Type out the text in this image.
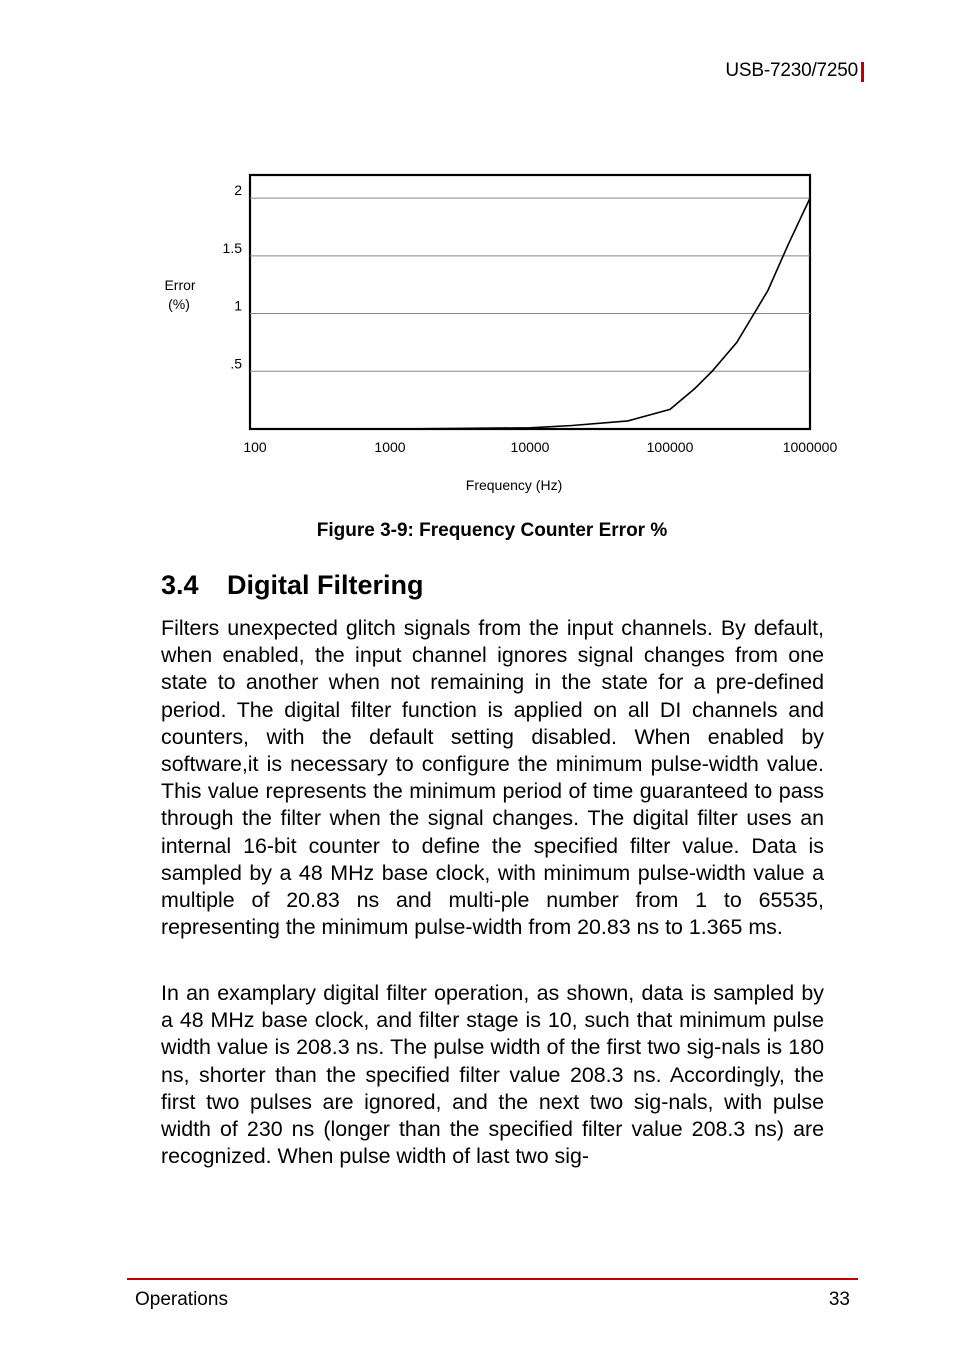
USB-7230/7250
2
1.5
1
.5
100	1000	10000	100000	1000000
Error
(%)
Frequency (Hz)
Figure 3-9: Frequency Counter Error %
3.4 Digital Filtering

Filters unexpected glitch signals from the input channels. By default, when enabled, the input channel ignores signal changes from one state to another when not remaining in the state for a pre-defined period. The digital filter function is applied on all DI channels and counters, with the default setting disabled. When enabled by software,it is necessary to configure the minimum pulse-width value. This value represents the minimum period of time guaranteed to pass through the filter when the signal changes. The digital filter uses an internal 16-bit counter to define the specified filter value. Data is sampled by a 48 MHz base clock, with minimum pulse-width value a multiple of 20.83 ns and multi-ple number from 1 to 65535, representing the minimum pulse-width from 20.83 ns to 1.365 ms.

In an examplary digital filter operation, as shown, data is sampled by a 48 MHz base clock, and filter stage is 10, such that minimum pulse width value is 208.3 ns. The pulse width of the first two sig-nals is 180 ns, shorter than the specified filter value 208.3 ns. Accordingly, the first two pulses are ignored, and the next two sig-nals, with pulse width of 230 ns (longer than the specified filter value 208.3 ns) are recognized. When pulse width of last two sig-

Operations	33
